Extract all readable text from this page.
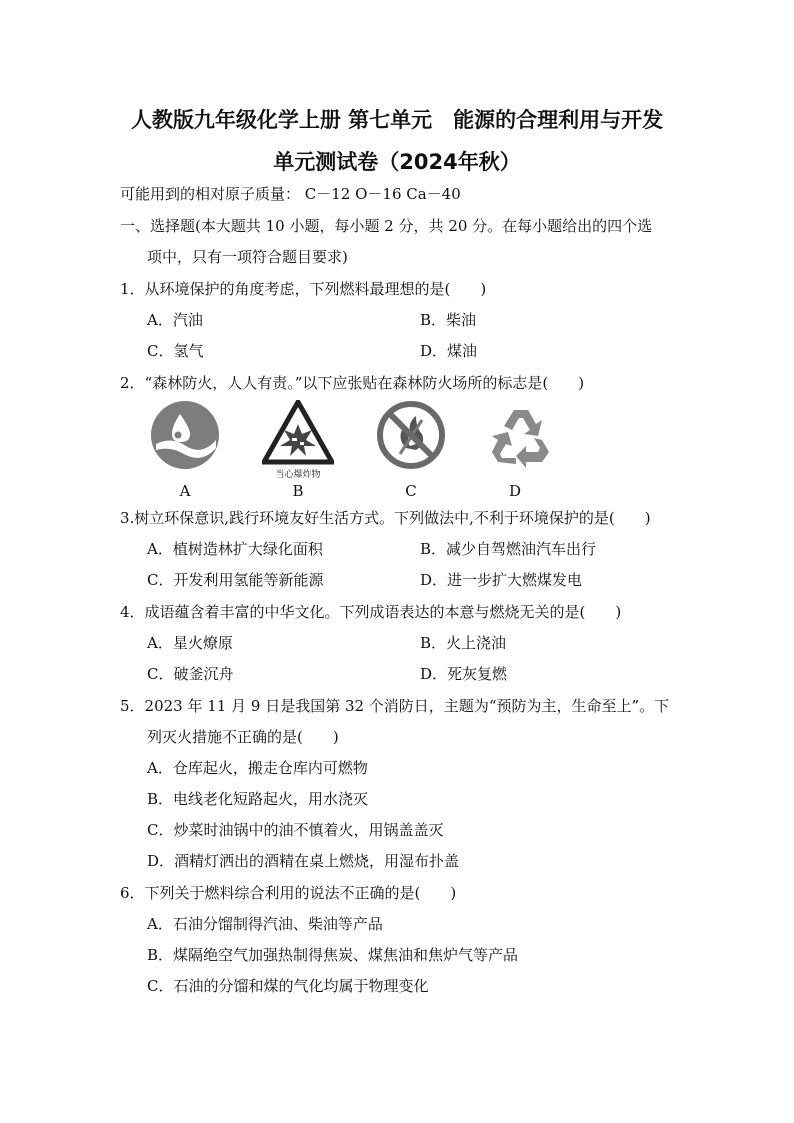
人教版九年级化学上册 第七单元　能源的合理利用与开发
单元测试卷（2024年秋）
可能用到的相对原子质量： C－12 O－16 Ca－40
一、选择题(本大题共 10 小题，每小题 2 分，共 20 分。在每小题给出的四个选
项中，只有一项符合题目要求)
1．从环境保护的角度考虑，下列燃料最理想的是(　　)
A．汽油	B．柴油
C．氢气	D．煤油
2．“森林防火，人人有责。”以下应张贴在森林防火场所的标志是(　　)
当心爆炸物
A	B	C	D
3.树立环保意识,践行环境友好生活方式。下列做法中,不利于环境保护的是(　　)
A．植树造林扩大绿化面积	B．减少自驾燃油汽车出行
C．开发利用氢能等新能源	D．进一步扩大燃煤发电
4．成语蕴含着丰富的中华文化。下列成语表达的本意与燃烧无关的是(　　)
A．星火燎原	B．火上浇油
C．破釜沉舟	D．死灰复燃
5．2023 年 11 月 9 日是我国第 32 个消防日，主题为“预防为主，生命至上”。下
列灭火措施不正确的是(　　)
A．仓库起火，搬走仓库内可燃物
B．电线老化短路起火，用水浇灭
C．炒菜时油锅中的油不慎着火，用锅盖盖灭
D．酒精灯洒出的酒精在桌上燃烧，用湿布扑盖
6．下列关于燃料综合利用的说法不正确的是(　　)
A．石油分馏制得汽油、柴油等产品
B．煤隔绝空气加强热制得焦炭、煤焦油和焦炉气等产品
C．石油的分馏和煤的气化均属于物理变化
